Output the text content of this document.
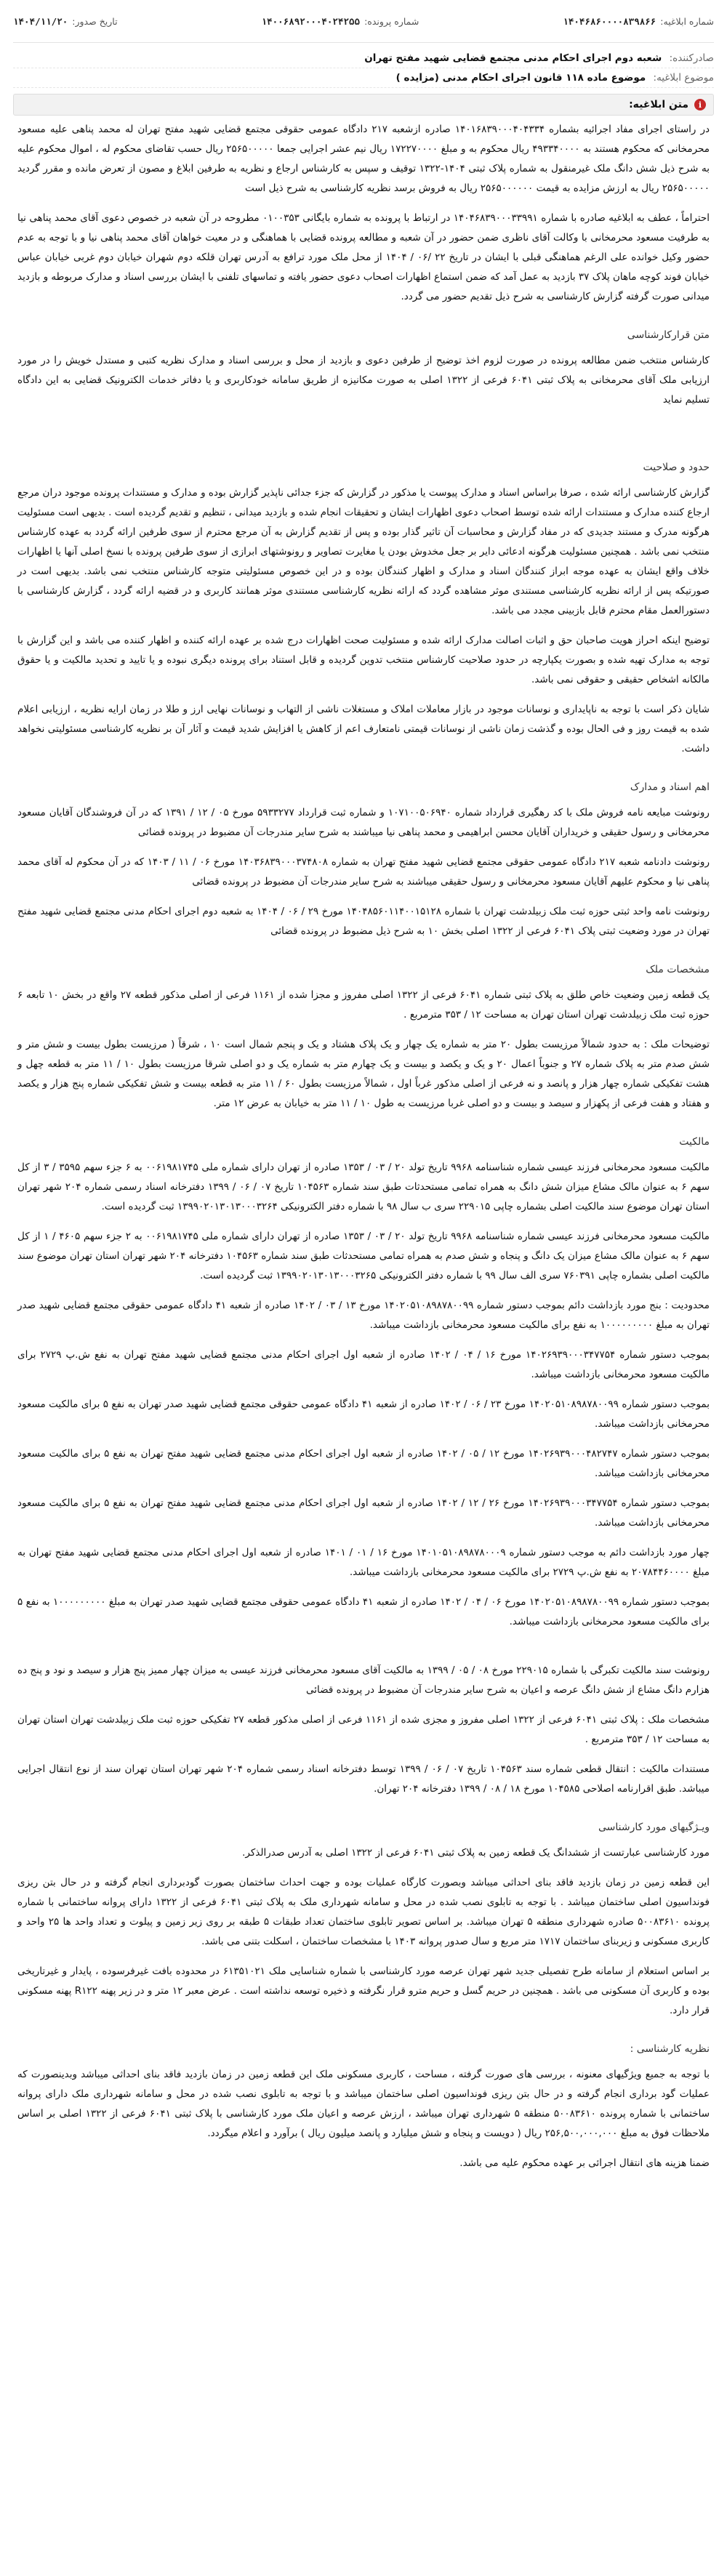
شماره ابلاغیه:
۱۴۰۴۶۸۶۰۰۰۰۸۳۹۸۶۶
شماره پرونده:
۱۴۰۰۶۸۹۲۰۰۰۴۰۲۴۲۵۵
تاریخ صدور:
۱۴۰۴/۱۱/۲۰
صادرکننده: شعبه دوم اجرای احکام مدنی مجتمع قضایی شهید مفتح تهران
موضوع ابلاغیه: موضوع ماده ۱۱۸ قانون اجرای احکام مدنی (مزایده )
i
متن ابلاغیه:

در راستای اجرای مفاد اجرائیه بشماره ۱۴۰۱۶۸۳۹۰۰۰۴۰۴۳۳۴ صادره ازشعبه ۲۱۷ دادگاه عمومی حقوقی مجتمع قضایی شهید مفتح تهران له محمد پناهی علیه مسعود محرمخانی که محکوم هستند به ۴۹۳۳۴۰۰۰۰ ریال محکوم به و مبلغ ۱۷۲۲۷۰۰۰۰ ریال نیم عشر اجرایی جمعا ۲۵۶۵۰۰۰۰۰ ریال حسب تقاضای محکوم له ، اموال محکوم علیه به شرح ذیل شش دانگ ملک غیرمنقول به شماره پلاک ثبتی ۱۴۰۴-۱۳۲۲ توقیف و سپس به کارشناس ارجاع و نظریه به طرفین ابلاغ و مصون از تعرض مانده و مقرر گردید ۲۵۶۵۰۰۰۰۰ ریال به ارزش مزایده به قیمت ۲۵۶۵۰۰۰۰۰۰ ریال به فروش برسد نظریه کارشناسی به شرح ذیل است

احتراماً ، عطف به ابلاغیه صادره با شماره ۱۴۰۴۶۸۳۹۰۰۰۳۳۹۹۱ در ارتباط با پرونده به شماره بایگانی ۰۱۰۰۳۵۳ مطروحه در آن شعبه در خصوص دعوی آقای محمد پناهی نیا به طرفیت مسعود محرمخانی با وکالت آقای ناظری ضمن حضور در آن شعبه و مطالعه پرونده قضایی با هماهنگی و در معیت خواهان آقای محمد پناهی نیا و با توجه به عدم حضور وکیل خوانده علی الرغم هماهنگی قبلی با ایشان در تاریخ ۲۲ /۰۶ / ۱۴۰۴ از محل ملک مورد ترافع به آدرس تهران قلکه دوم شهران خیابان دوم غربی خیابان عباس خیابان فوند کوچه ماهان پلاک ۳۷ بازدید به عمل آمد که ضمن استماع اظهارات اصحاب دعوی حضور یافته و تماسهای تلفنی با ایشان بررسی اسناد و مدارک مربوطه و بازدید میدانی صورت گرفته گزارش کارشناسی به شرح ذیل تقدیم حضور می گردد.

متن قرارکارشناسی

کارشناس منتخب ضمن مطالعه پرونده در صورت لزوم اخذ توضیح از طرفین دعوی و بازدید از محل و بررسی اسناد و مدارک نظریه کتبی و مستدل خویش را در مورد ارزیابی ملک آقای محرمخانی به پلاک ثبتی ۶۰۴۱ فرعی از ۱۳۲۲ اصلی به صورت مکانیزه از طریق سامانه خودکاربری و یا دفاتر خدمات الکترونیک قضایی به این دادگاه تسلیم نماید

حدود و صلاحیت

گزارش کارشناسی ارائه شده ، صرفا براساس اسناد و مدارک پیوست یا مذکور در گزارش که جزء جدائی ناپذیر گزارش بوده و مدارک و مستندات پرونده موجود دران مرجع ارجاع کننده مدارک و مستندات ارائه شده توسط اصحاب دعوی اظهارات ایشان و تحقیقات انجام شده و بازدید میدانی ، تنظیم و تقدیم گردیده است . بدیهی است مسئولیت هرگونه مدرک و مستند جدیدی که در مفاد گزارش و محاسبات آن تاثیر گذار بوده و پس از تقدیم گزارش به آن مرجع محترم از سوی طرفین ارائه گردد به عهده کارشناس منتخب نمی باشد . همچنین مسئولیت هرگونه ادعائی دایر بر جعل مخدوش بودن یا مغایرت تصاویر و رونوشتهای ابرازی از سوی طرفین پرونده با نسخ اصلی آنها یا اظهارات خلاف واقع ایشان به عهده موجه ابراز کنندگان اسناد و مدارک و اظهار کنندگان بوده و در این خصوص مسئولیتی متوجه کارشناس منتخب نمی باشد. بدیهی است در صورتیکه پس از ارائه نظریه کارشناسی مستندی موثر مشاهده گردد که ارائه نظریه کارشناسی مستندی موثر همانند کاربری و در قضیه ارائه گردد ، گزارش کارشناسی با دستورالعمل مقام محترم قابل بازبینی مجدد می باشد.

توضیح اینکه احراز هویت صاحبان حق و اثبات اصالت مدارک ارائه شده و مسئولیت صحت اظهارات درج شده بر عهده ارائه کننده و اظهار کننده می باشد و این گزارش با توجه به مدارک تهیه شده و بصورت یکپارچه در حدود صلاحیت کارشناس منتخب تدوین گردیده و قابل استناد برای پرونده دیگری نبوده و یا تایید و تحدید مالکیت و یا حقوق مالکانه اشخاص حقیقی و حقوقی نمی باشد.

شایان ذکر است با توجه به ناپایداری و نوسانات موجود در بازار معاملات املاک و مستغلات ناشی از التهاب و نوسانات نهایی ارز و طلا در زمان ارایه نظریه ، ارزیابی اعلام شده به قیمت روز و فی الحال بوده و گذشت زمان ناشی از نوسانات قیمتی نامتعارف اعم از کاهش یا افزایش شدید قیمت و آثار آن بر نظریه کارشناسی مسئولیتی نخواهد داشت.

اهم اسناد و مدارک

رونوشت مبایعه نامه فروش ملک با کد رهگیری قرارداد شماره ۱۰۷۱۰۰۵۰۶۹۴۰ و شماره ثبت قرارداد ۵۹۳۳۲۷۷ مورخ ۰۵ / ۱۲ / ۱۳۹۱ که در آن فروشندگان آقایان مسعود محرمخانی و رسول حقیقی و خریداران آقایان محسن ابراهیمی و محمد پناهی نیا میباشند به شرح سایر مندرجات آن مضبوط در پرونده قضائی

رونوشت دادنامه شعبه ۲۱۷ دادگاه عمومی حقوقی مجتمع قضایی شهید مفتح تهران به شماره ۱۴۰۳۶۸۳۹۰۰۰۳۷۴۸۰۸ مورخ ۰۶ / ۱۱ / ۱۴۰۳ که در آن محکوم له آقای محمد پناهی نیا و محکوم علیهم آقایان مسعود محرمخانی و رسول حقیقی میباشند به شرح سایر مندرجات آن مضبوط در پرونده قضائی

رونوشت نامه واحد ثبتی حوزه ثبت ملک زبیلدشت تهران با شماره ۱۴۰۴۸۵۶۰۱۱۴۰۰۱۵۱۲۸ مورخ ۲۹ / ۰۶ / ۱۴۰۴ به شعبه دوم اجرای احکام مدنی مجتمع قضایی شهید مفتح تهران در مورد وضعیت ثبتی پلاک ۶۰۴۱ فرعی از ۱۳۲۲ اصلی بخش ۱۰ به شرح ذیل مضبوط در پرونده قضائی

مشخصات ملک

یک قطعه زمین وضعیت خاص طلق به پلاک ثبتی شماره ۶۰۴۱ فرعی از ۱۳۲۲ اصلی مفروز و مجزا شده از ۱۱۶۱ فرعی از اصلی مذکور قطعه ۲۷ واقع در بخش ۱۰ تابعه ۶ حوزه ثبت ملک زبیلدشت تهران استان تهران به مساحت ۱۲ / ۳۵۳ مترمربع .

توضیحات ملک : به حدود شمالاً مرزیست بطول ۲۰ متر به شماره یک چهار و یک پلاک هشتاد و یک و پنجم شمال است ۱۰ ، شرقاً ( مرزیست بطول بیست و شش متر و شش صدم متر به پلاک شماره ۲۷ و جنوباً اعمال ۲۰ و یک و یکصد و بیست و یک چهارم متر به شماره یک و دو اصلی شرقا مرزیست بطول ۱۰ / ۱۱ متر به قطعه چهل و هشت تفکیکی شماره چهار هزار و پانصد و نه فرعی از اصلی مذکور غرباً اول ، شمالاً مرزیست بطول ۶۰ / ۱۱ متر به قطعه بیست و شش تفکیکی شماره پنج هزار و یکصد و هفتاد و هفت فرعی از پکهزار و سیصد و بیست و دو اصلی غربا مرزیست به طول ۱۰ / ۱۱ متر به خیابان به عرض ۱۲ متر.

مالکیت

مالکیت مسعود محرمخانی فرزند عیسی شماره شناسنامه ۹۹۶۸ تاریخ تولد ۲۰ / ۰۳ / ۱۳۵۳ صادره از تهران دارای شماره ملی ۰۰۶۱۹۸۱۷۴۵ به ۶ جزء سهم ۳۵۹۵ / ۳ از کل سهم ۶ به عنوان مالک مشاع میزان شش دانگ به همراه تمامی مستحدثات طبق سند شماره ۱۰۴۵۶۳ تاریخ ۰۷ / ۰۶ / ۱۳۹۹ دفترخانه اسناد رسمی شماره ۲۰۴ شهر تهران استان تهران موضوع سند مالکیت اصلی بشماره چاپی ۲۲۹۰۱۵ سری ب سال ۹۸ با شماره دفتر الکترونیکی ۱۳۹۹۰۲۰۱۳۰۱۳۰۰۰۳۲۶۴ ثبت گردیده است.

مالکیت مسعود محرمخانی فرزند عیسی شماره شناسنامه ۹۹۶۸ تاریخ تولد ۲۰ / ۰۳ / ۱۳۵۳ صادره از تهران دارای شماره ملی ۰۰۶۱۹۸۱۷۴۵ به ۲ جزء سهم ۴۶۰۵ / ۱ از کل سهم ۶ به عنوان مالک مشاع میزان یک دانگ و پنجاه و شش صدم به همراه تمامی مستحدثات طبق سند شماره ۱۰۴۵۶۳ دفترخانه ۲۰۴ شهر تهران استان تهران موضوع سند مالکیت اصلی بشماره چاپی ۷۶۰۳۹۱ سری الف سال ۹۹ با شماره دفتر الکترونیکی ۱۳۹۹۰۲۰۱۳۰۱۳۰۰۰۳۲۶۵ ثبت گردیده است.

محدودیت : بنج مورد بازداشت دائم بموجب دستور شماره ۱۴۰۲۰۵۱۰۸۹۸۷۸۰۰۹۹ مورخ ۱۳ / ۰۳ / ۱۴۰۲ صادره از شعبه ۴۱ دادگاه عمومی حقوقی مجتمع قضایی شهید صدر تهران به مبلغ ۱۰۰۰۰۰۰۰۰۰ به نفع برای مالکیت مسعود محرمخانی بازداشت میباشد.

بموجب دستور شماره ۱۴۰۲۶۹۳۹۰۰۰۳۴۷۷۵۴ مورخ ۱۶ / ۰۴ / ۱۴۰۲ صادره از شعبه اول اجرای احکام مدنی مجتمع قضایی شهید مفتح تهران به نفع ش.پ ۲۷۲۹ برای مالکیت مسعود محرمخانی بازداشت میباشد.

بموجب دستور شماره ۱۴۰۲۰۵۱۰۸۹۸۷۸۰۰۹۹ مورخ ۲۳ / ۰۶ / ۱۴۰۲ صادره از شعبه ۴۱ دادگاه عمومی حقوقی مجتمع قضایی شهید صدر تهران به نفع ۵ برای مالکیت مسعود محرمخانی بازداشت میباشد.

بموجب دستور شماره ۱۴۰۲۶۹۳۹۰۰۰۴۸۲۷۴۷ مورخ ۱۲ / ۰۵ / ۱۴۰۲ صادره از شعبه اول اجرای احکام مدنی مجتمع قضایی شهید مفتح تهران به نفع ۵ برای مالکیت مسعود محرمخانی بازداشت میباشد.

بموجب دستور شماره ۱۴۰۲۶۹۳۹۰۰۰۳۴۷۷۵۴ مورخ ۲۶ / ۱۲ / ۱۴۰۲ صادره از شعبه اول اجرای احکام مدنی مجتمع قضایی شهید مفتح تهران به نفع ۵ برای مالکیت مسعود محرمخانی بازداشت میباشد.

چهار مورد بازداشت دائم به موجب دستور شماره ۱۴۰۱۰۵۱۰۸۹۸۷۸۰۰۰۹ مورخ ۱۶ / ۰۱ / ۱۴۰۱ صادره از شعبه اول اجرای احکام مدنی مجتمع قضایی شهید مفتح تهران به مبلغ ۲۰۷۸۴۴۶۰۰۰۰ به نفع ش.پ ۲۷۲۹ برای مالکیت مسعود محرمخانی بازداشت میباشد.

بموجب دستور شماره ۱۴۰۲۰۵۱۰۸۹۸۷۸۰۰۹۹ مورخ ۰۶ / ۰۴ / ۱۴۰۲ صادره از شعبه ۴۱ دادگاه عمومی حقوقی مجتمع قضایی شهید صدر تهران به مبلغ ۱۰۰۰۰۰۰۰۰۰ به نفع ۵ برای مالکیت مسعود محرمخانی بازداشت میباشد.

رونوشت سند مالکیت تکبرگی با شماره ۲۲۹۰۱۵ مورخ ۰۸ / ۰۵ / ۱۳۹۹ به مالکیت آقای مسعود محرمخانی فرزند عیسی به میزان چهار ممیز پنج هزار و سیصد و نود و پنج ده هزارم دانگ مشاع از شش دانگ عرصه و اعیان به شرح سایر مندرجات آن مضبوط در پرونده قضائی

مشخصات ملک : پلاک ثبتی ۶۰۴۱ فرعی از ۱۳۲۲ اصلی مفروز و مجزی شده از ۱۱۶۱ فرعی از اصلی مذکور قطعه ۲۷ تفکیکی حوزه ثبت ملک زبیلدشت تهران استان تهران به مساحت ۱۲ / ۳۵۳ مترمربع .

مستندات مالکیت : انتقال قطعی شماره سند ۱۰۴۵۶۳ تاریخ ۰۷ / ۰۶ / ۱۳۹۹ توسط دفترخانه اسناد رسمی شماره ۲۰۴ شهر تهران استان تهران سند از نوع انتقال اجرایی میباشد. طبق اقرارنامه اصلاحی ۱۰۴۵۸۵ مورخ ۱۸ / ۰۸ / ۱۳۹۹ دفترخانه ۲۰۴ تهران.

ویـژگیهای مورد کارشناسی

مورد کارشناسی عبارتست از ششدانگ یک قطعه زمین به پلاک ثبتی ۶۰۴۱ فرعی از ۱۳۲۲ اصلی به آدرس صدرالذکر.

این قطعه زمین در زمان بازدید فاقد بنای احداثی میباشد وبصورت کارگاه عملیات بوده و جهت احداث ساختمان بصورت گودبرداری انجام گرفته و در حال بتن ریزی فونداسیون اصلی ساختمان میباشد . با توجه به تابلوی نصب شده در محل و سامانه شهرداری ملک به پلاک ثبتی ۶۰۴۱ فرعی از ۱۳۲۲ دارای پروانه ساختمانی با شماره پرونده ۵۰۰۸۳۶۱۰ صادره شهرداری منطقه ۵ تهران میباشد. بر اساس تصویر تابلوی ساختمان تعداد طبقات ۵ طبقه بر روی زیر زمین و پیلوت و تعداد واحد ها ۲۵ واحد و کاربری مسکونی و زیربنای ساختمان ۱۷۱۷ متر مربع و سال صدور پروانه ۱۴۰۳ با مشخصات ساختمان ، اسکلت بتنی می باشد.

بر اساس استعلام از سامانه طرح تفصیلی جدید شهر تهران عرصه مورد کارشناسی با شماره شناسایی ملک ۶۱۳۵۱۰۲۱ در محدوده بافت غیرفرسوده ، پایدار و غیرتاریخی بوده و کاربری آن مسکونی می باشد . همچنین در حریم گسل و حریم مترو قرار نگرفته و ذخیره توسعه نداشته است . عرض معبر ۱۲ متر و در زیر پهنه R۱۲۲ پهنه مسکونی قرار دارد.

نظریه کارشناسی :

با توجه به جمیع ویژگیهای معنونه ، بررسی های صورت گرفته ، مساحت ، کاربری مسکونی ملک این قطعه زمین در زمان بازدید فاقد بنای احداثی میباشد وبدینصورت که عملیات گود برداری انجام گرفته و در حال بتن ریزی فونداسیون اصلی ساختمان میباشد و با توجه به تابلوی نصب شده در محل و سامانه شهرداری ملک دارای پروانه ساختمانی با شماره پرونده ۵۰۰۸۳۶۱۰ منطقه ۵ شهرداری تهران میباشد ، ارزش عرصه و اعیان ملک مورد کارشناسی با پلاک ثبتی ۶۰۴۱ فرعی از ۱۳۲۲ اصلی بر اساس ملاحظات فوق به مبلغ ۲۵۶,۵۰۰,۰۰۰,۰۰۰ ریال ( دویست و پنجاه و شش میلیارد و پانصد میلیون ریال ) برآورد و اعلام میگردد.

ضمنا هزینه های انتقال اجرائی بر عهده محکوم علیه می باشد.
